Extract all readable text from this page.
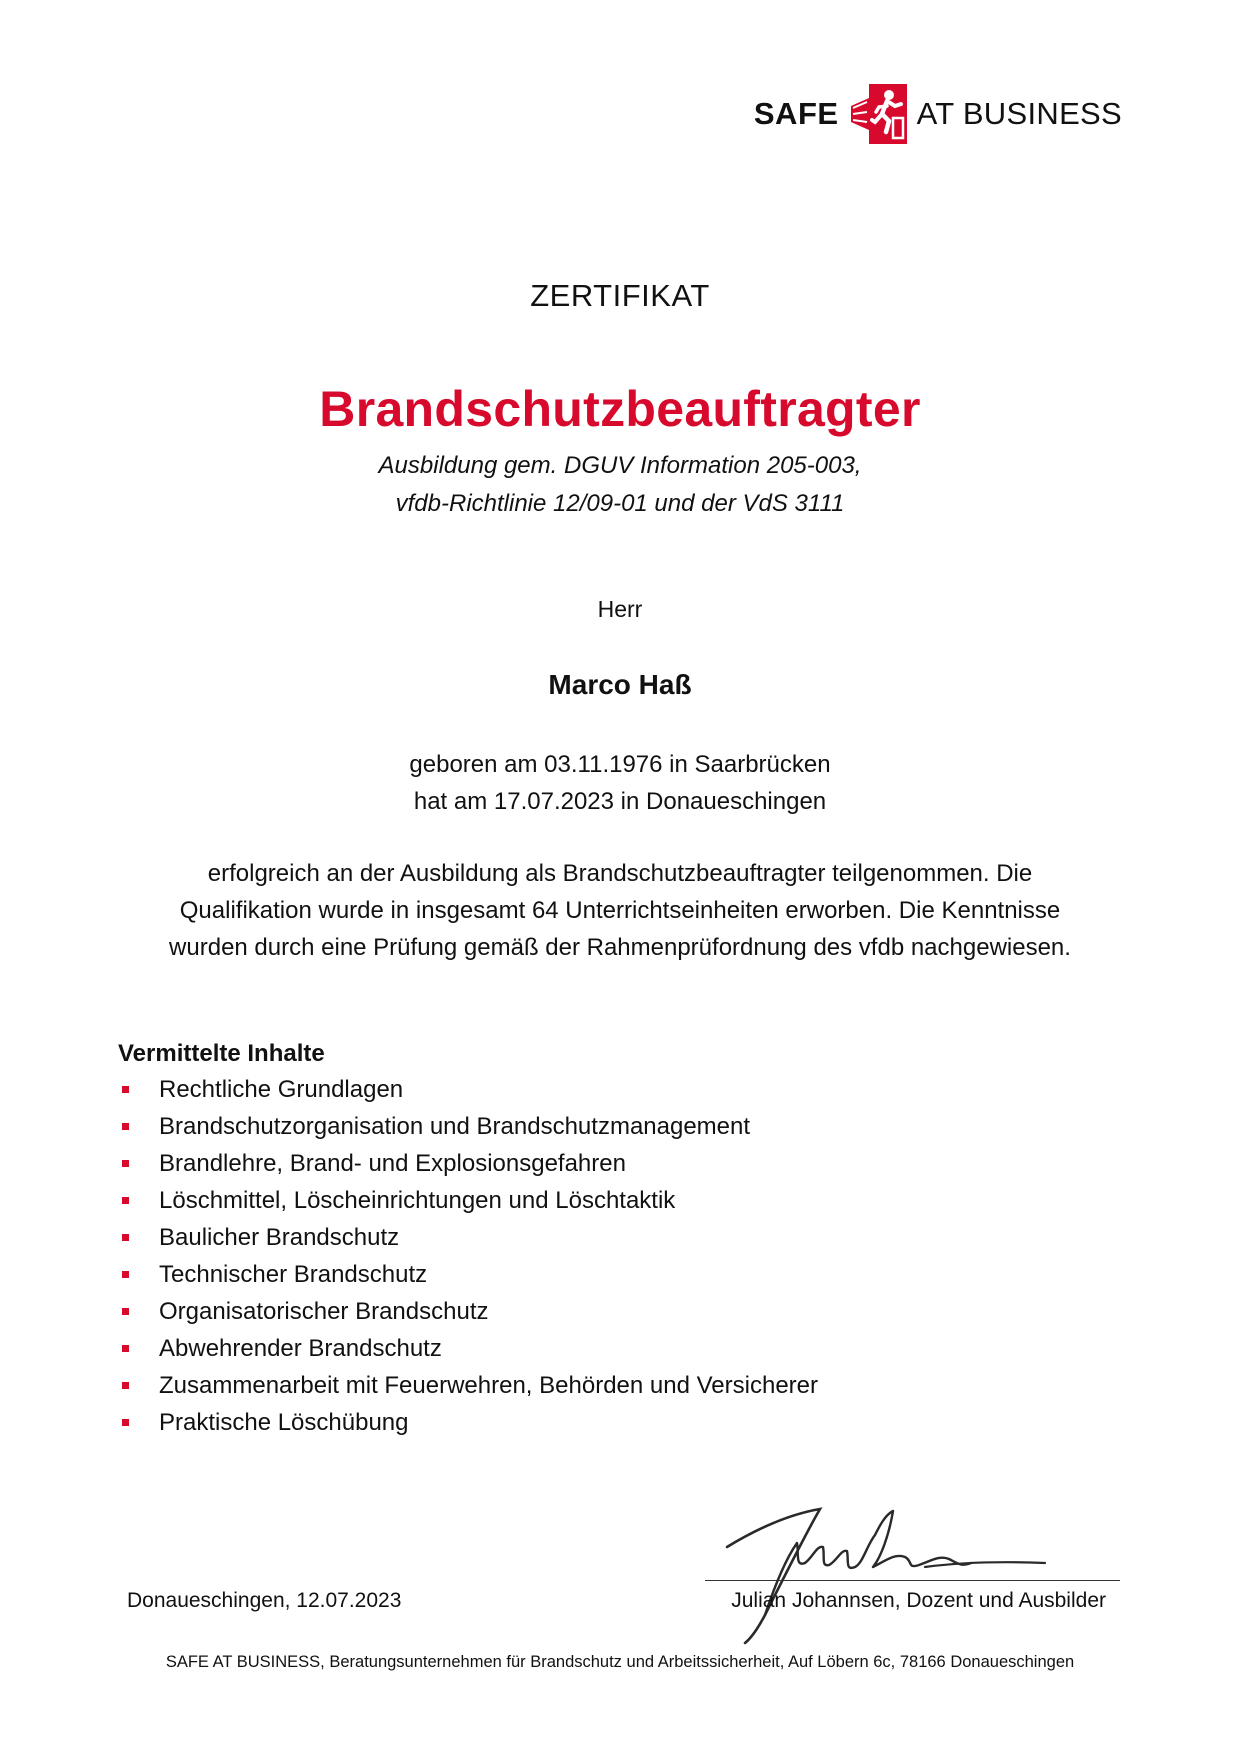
SAFE	AT BUSINESS
ZERTIFIKAT
Brandschutzbeauftragter
Ausbildung gem. DGUV Information 205-003,
vfdb-Richtlinie 12/09-01 und der VdS 3111
Herr
Marco Haß
geboren am 03.11.1976 in Saarbrücken
hat am 17.07.2023 in Donaueschingen

erfolgreich an der Ausbildung als Brandschutzbeauftragter teilgenommen. Die

Qualifikation wurde in insgesamt 64 Unterrichtseinheiten erworben. Die Kenntnisse

wurden durch eine Prüfung gemäß der Rahmenprüfordnung des vfdb nachgewiesen.

Vermittelte Inhalte
Rechtliche Grundlagen
Brandschutzorganisation und Brandschutzmanagement
Brandlehre, Brand- und Explosionsgefahren
Löschmittel, Löscheinrichtungen und Löschtaktik
Baulicher Brandschutz
Technischer Brandschutz
Organisatorischer Brandschutz
Abwehrender Brandschutz
Zusammenarbeit mit Feuerwehren, Behörden und Versicherer
Praktische Löschübung
Donaueschingen, 12.07.2023	Julian Johannsen, Dozent und Ausbilder
SAFE AT BUSINESS, Beratungsunternehmen für Brandschutz und Arbeitssicherheit, Auf Löbern 6c, 78166 Donaueschingen
